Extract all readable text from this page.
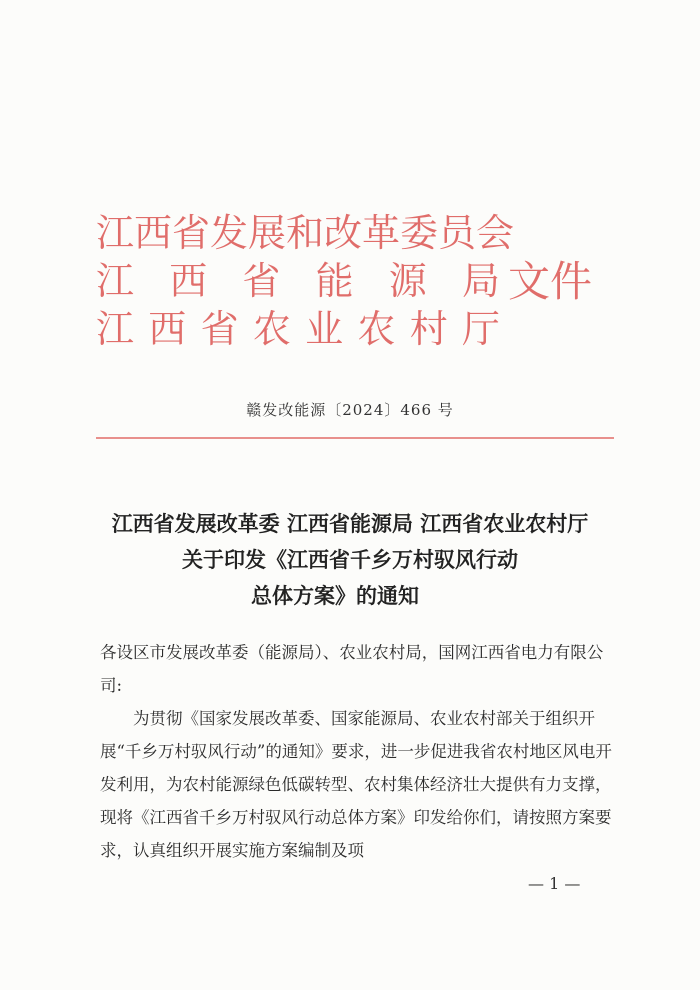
江西省发展和改革委员会
江 西 省 能 源 局 文件
江 西 省 农 业 农 村 厅
赣发改能源〔2024〕466 号
江西省发展改革委 江西省能源局 江西省农业农村厅
关于印发《江西省千乡万村驭风行动
总体方案》的通知

各设区市发展改革委（能源局）、农业农村局，国网江西省电力有限公司:

为贯彻《国家发展改革委、国家能源局、农业农村部关于组织开展“千乡万村驭风行动”的通知》要求，进一步促进我省农村地区风电开发利用，为农村能源绿色低碳转型、农村集体经济壮大提供有力支撑，现将《江西省千乡万村驭风行动总体方案》印发给你们，请按照方案要求，认真组织开展实施方案编制及项

— 1 —
